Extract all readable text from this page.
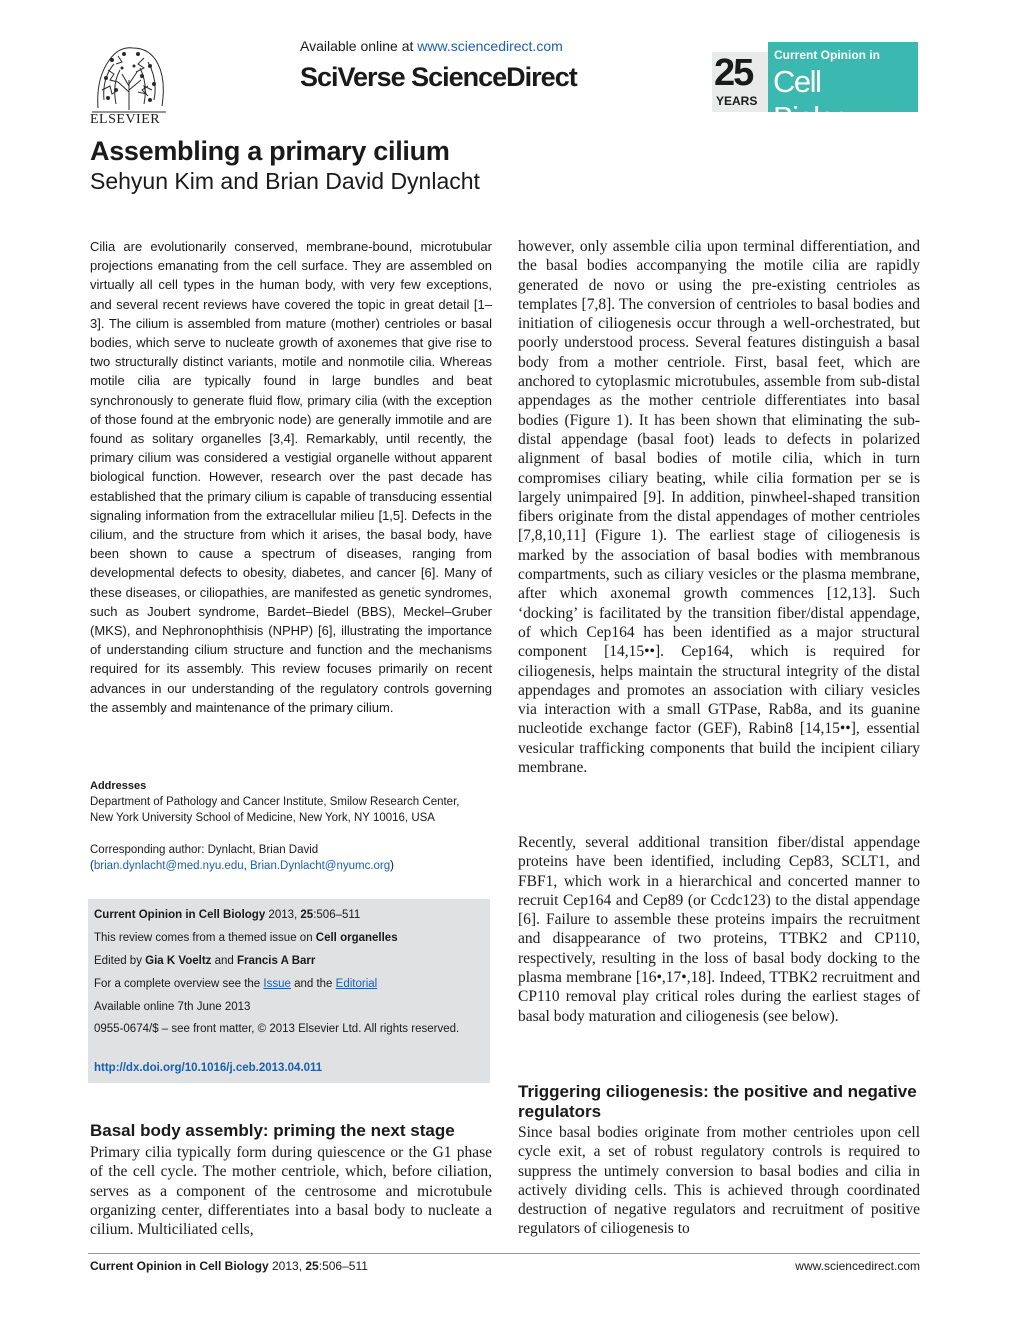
ELSEVIER
Available online at www.sciencedirect.com
SciVerse ScienceDirect	25
YEARS
Current Opinion in
Cell Biology
Assembling a primary cilium
Sehyun Kim and Brian David Dynlacht
Cilia are evolutionarily conserved, membrane-bound, microtubular projections emanating from the cell surface. They are assembled on virtually all cell types in the human body, with very few exceptions, and several recent reviews have covered the topic in great detail [1–3]. The cilium is assembled from mature (mother) centrioles or basal bodies, which serve to nucleate growth of axonemes that give rise to two structurally distinct variants, motile and nonmotile cilia. Whereas motile cilia are typically found in large bundles and beat synchronously to generate fluid flow, primary cilia (with the exception of those found at the embryonic node) are generally immotile and are found as solitary organelles [3,4]. Remarkably, until recently, the primary cilium was considered a vestigial organelle without apparent biological function. However, research over the past decade has established that the primary cilium is capable of transducing essential signaling information from the extracellular milieu [1,5]. Defects in the cilium, and the structure from which it arises, the basal body, have been shown to cause a spectrum of diseases, ranging from developmental defects to obesity, diabetes, and cancer [6]. Many of these diseases, or ciliopathies, are manifested as genetic syndromes, such as Joubert syndrome, Bardet–Biedel (BBS), Meckel–Gruber (MKS), and Nephronophthisis (NPHP) [6], illustrating the importance of understanding cilium structure and function and the mechanisms required for its assembly. This review focuses primarily on recent advances in our understanding of the regulatory controls governing the assembly and maintenance of the primary cilium.
Addresses
Department of Pathology and Cancer Institute, Smilow Research Center,
New York University School of Medicine, New York, NY 10016, USA
Corresponding author: Dynlacht, Brian David
(brian.dynlacht@med.nyu.edu, Brian.Dynlacht@nyumc.org)
Current Opinion in Cell Biology 2013, 25:506–511
This review comes from a themed issue on Cell organelles
Edited by Gia K Voeltz and Francis A Barr
For a complete overview see the Issue and the Editorial
Available online 7th June 2013
0955-0674/$ – see front matter, © 2013 Elsevier Ltd. All rights reserved.
http://dx.doi.org/10.1016/j.ceb.2013.04.011
Basal body assembly: priming the next stage
Primary cilia typically form during quiescence or the G1 phase of the cell cycle. The mother centriole, which, before ciliation, serves as a component of the centrosome and microtubule organizing center, differentiates into a basal body to nucleate a cilium. Multiciliated cells,
however, only assemble cilia upon terminal differentiation, and the basal bodies accompanying the motile cilia are rapidly generated de novo or using the pre-existing centrioles as templates [7,8]. The conversion of centrioles to basal bodies and initiation of ciliogenesis occur through a well-orchestrated, but poorly understood process. Several features distinguish a basal body from a mother centriole. First, basal feet, which are anchored to cytoplasmic microtubules, assemble from sub-distal appendages as the mother centriole differentiates into basal bodies (Figure 1). It has been shown that eliminating the sub-distal appendage (basal foot) leads to defects in polarized alignment of basal bodies of motile cilia, which in turn compromises ciliary beating, while cilia formation per se is largely unimpaired [9]. In addition, pinwheel-shaped transition fibers originate from the distal appendages of mother centrioles [7,8,10,11] (Figure 1). The earliest stage of ciliogenesis is marked by the association of basal bodies with membranous compartments, such as ciliary vesicles or the plasma membrane, after which axonemal growth commences [12,13]. Such ‘docking’ is facilitated by the transition fiber/distal appendage, of which Cep164 has been identified as a major structural component [14,15••]. Cep164, which is required for ciliogenesis, helps maintain the structural integrity of the distal appendages and promotes an association with ciliary vesicles via interaction with a small GTPase, Rab8a, and its guanine nucleotide exchange factor (GEF), Rabin8 [14,15••], essential vesicular trafficking components that build the incipient ciliary membrane.
Recently, several additional transition fiber/distal appendage proteins have been identified, including Cep83, SCLT1, and FBF1, which work in a hierarchical and concerted manner to recruit Cep164 and Cep89 (or Ccdc123) to the distal appendage [6]. Failure to assemble these proteins impairs the recruitment and disappearance of two proteins, TTBK2 and CP110, respectively, resulting in the loss of basal body docking to the plasma membrane [16•,17•,18]. Indeed, TTBK2 recruitment and CP110 removal play critical roles during the earliest stages of basal body maturation and ciliogenesis (see below).
Triggering ciliogenesis: the positive and negative regulators
Since basal bodies originate from mother centrioles upon cell cycle exit, a set of robust regulatory controls is required to suppress the untimely conversion to basal bodies and cilia in actively dividing cells. This is achieved through coordinated destruction of negative regulators and recruitment of positive regulators of ciliogenesis to
Current Opinion in Cell Biology 2013, 25:506–511	www.sciencedirect.com
